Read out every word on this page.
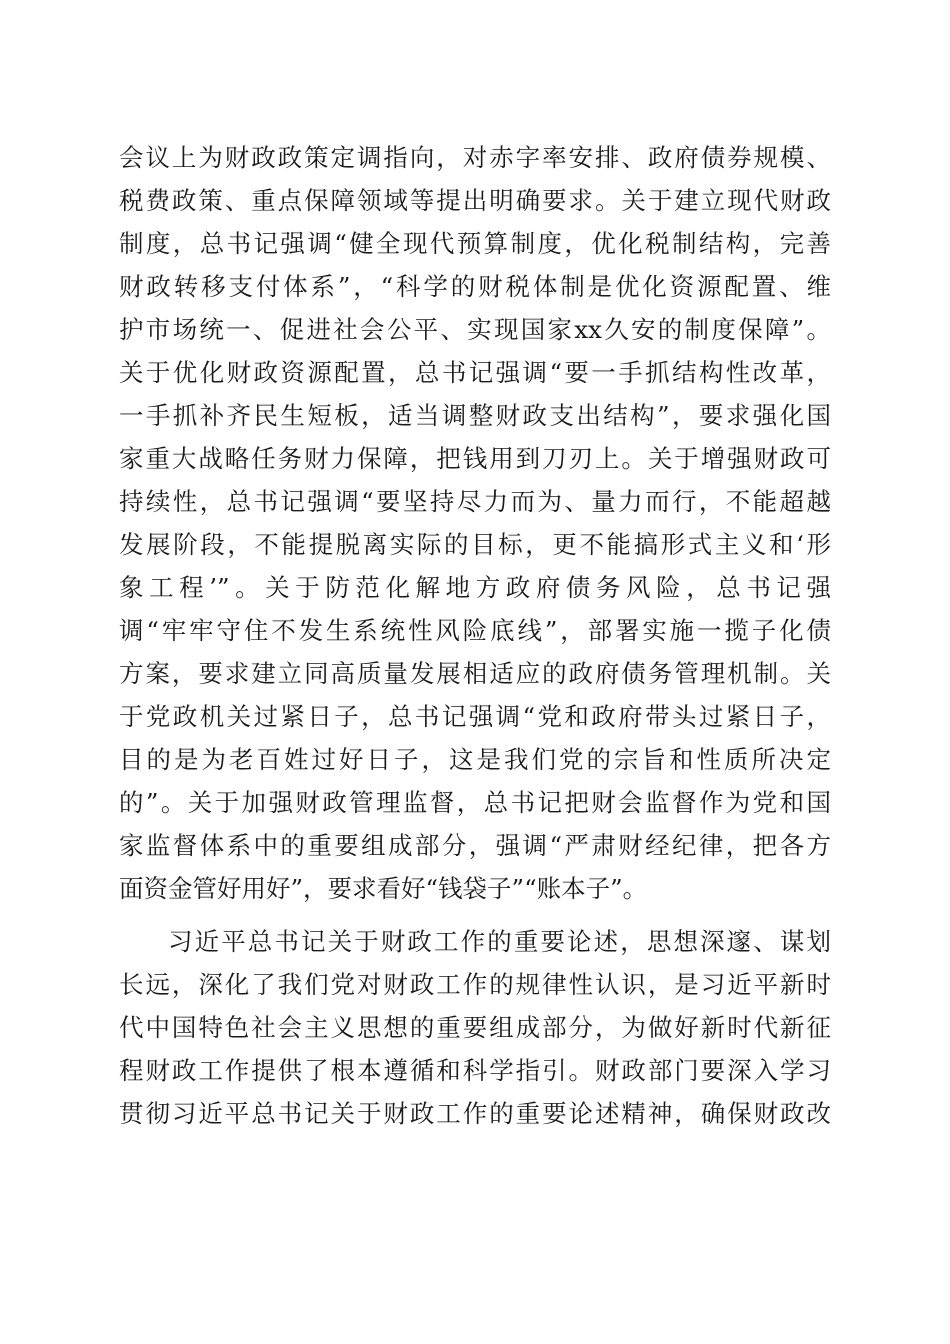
会议上为财政政策定调指向，对赤字率安排、政府债券规模、
税费政策、重点保障领域等提出明确要求。关于建立现代财政
制度，总书记强调“健全现代预算制度，优化税制结构，完善
财政转移支付体系”，“科学的财税体制是优化资源配置、维
护市场统一、促进社会公平、实现国家xx久安的制度保障”。
关于优化财政资源配置，总书记强调“要一手抓结构性改革，
一手抓补齐民生短板，适当调整财政支出结构”，要求强化国
家重大战略任务财力保障，把钱用到刀刃上。关于增强财政可
持续性，总书记强调“要坚持尽力而为、量力而行，不能超越
发展阶段，不能提脱离实际的目标，更不能搞形式主义和‘形
象工程’”。关于防范化解地方政府债务风险，总书记强
调“牢牢守住不发生系统性风险底线”，部署实施一揽子化债
方案，要求建立同高质量发展相适应的政府债务管理机制。关
于党政机关过紧日子，总书记强调“党和政府带头过紧日子，
目的是为老百姓过好日子，这是我们党的宗旨和性质所决定
的”。关于加强财政管理监督，总书记把财会监督作为党和国
家监督体系中的重要组成部分，强调“严肃财经纪律，把各方
面资金管好用好”，要求看好“钱袋子”“账本子”。
习近平总书记关于财政工作的重要论述，思想深邃、谋划
长远，深化了我们党对财政工作的规律性认识，是习近平新时
代中国特色社会主义思想的重要组成部分，为做好新时代新征
程财政工作提供了根本遵循和科学指引。财政部门要深入学习
贯彻习近平总书记关于财政工作的重要论述精神，确保财政改
